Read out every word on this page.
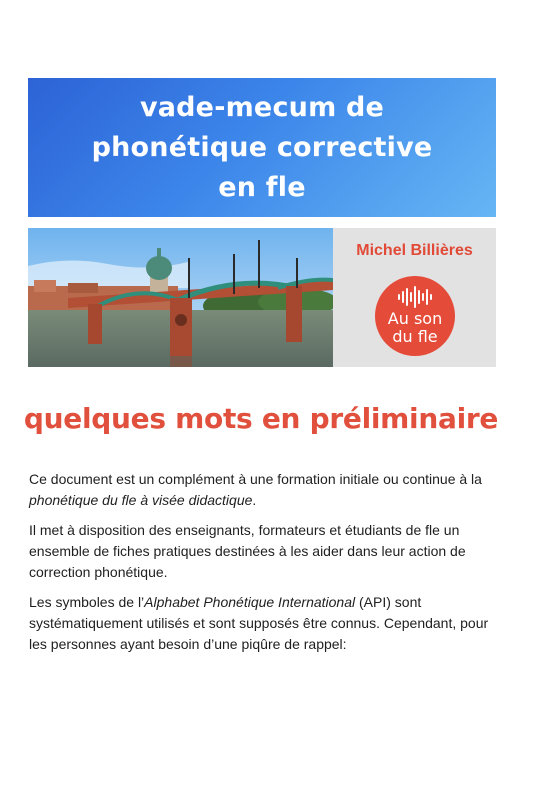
vade-mecum de
phonétique corrective
en fle
Michel Billières
Au son
du fle
quelques mots en préliminaire
Ce document est un complément à une formation initiale ou continue à la phonétique du fle à visée didactique.
Il met à disposition des enseignants, formateurs et étudiants de fle un ensemble de fiches pratiques destinées à les aider dans leur action de correction phonétique.
Les symboles de l’Alphabet Phonétique International (API) sont systématiquement utilisés et sont supposés être connus. Cependant, pour les personnes ayant besoin d’une piqûre de rappel:
